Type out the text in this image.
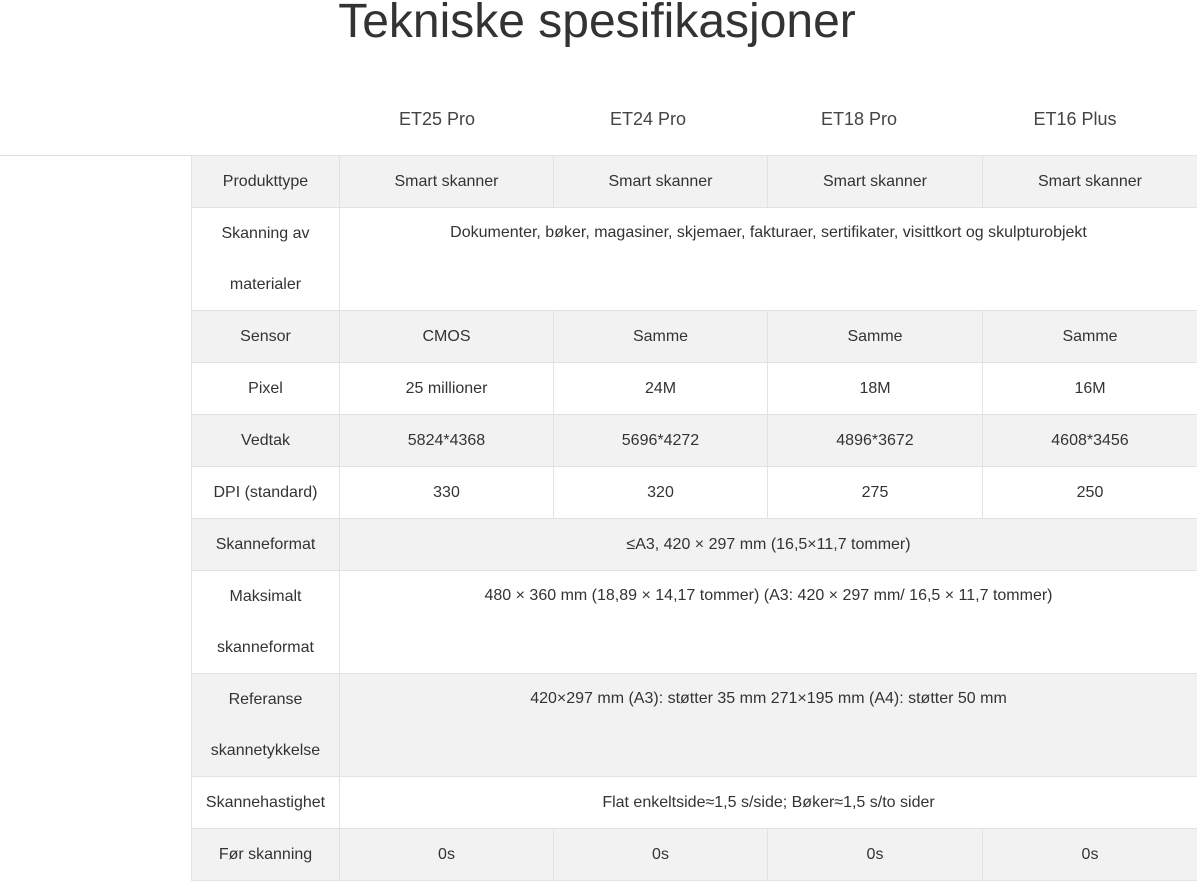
Tekniske spesifikasjoner
ET25 Pro	ET24 Pro	ET18 Pro	ET16 Plus
Produkttype	Smart skanner	Smart skanner	Smart skanner	Smart skanner
Skanning av materialer	Dokumenter, bøker, magasiner, skjemaer, fakturaer, sertifikater, visittkort og skulpturobjekt			
Sensor	CMOS	Samme	Samme	Samme
Pixel	25 millioner	24M	18M	16M
Vedtak	5824*4368	5696*4272	4896*3672	4608*3456
DPI (standard)	330	320	275	250
Skanneformat	≤A3, 420 × 297 mm (16,5×11,7 tommer)			
Maksimalt skanneformat	480 × 360 mm (18,89 × 14,17 tommer) (A3: 420 × 297 mm/ 16,5 × 11,7 tommer)			
Referanse skannetykkelse	420×297 mm (A3): støtter 35 mm 271×195 mm (A4): støtter 50 mm			
Skannehastighet	Flat enkeltside≈1,5 s/side; Bøker≈1,5 s/to sider			
Før skanning	0s	0s	0s	0s
